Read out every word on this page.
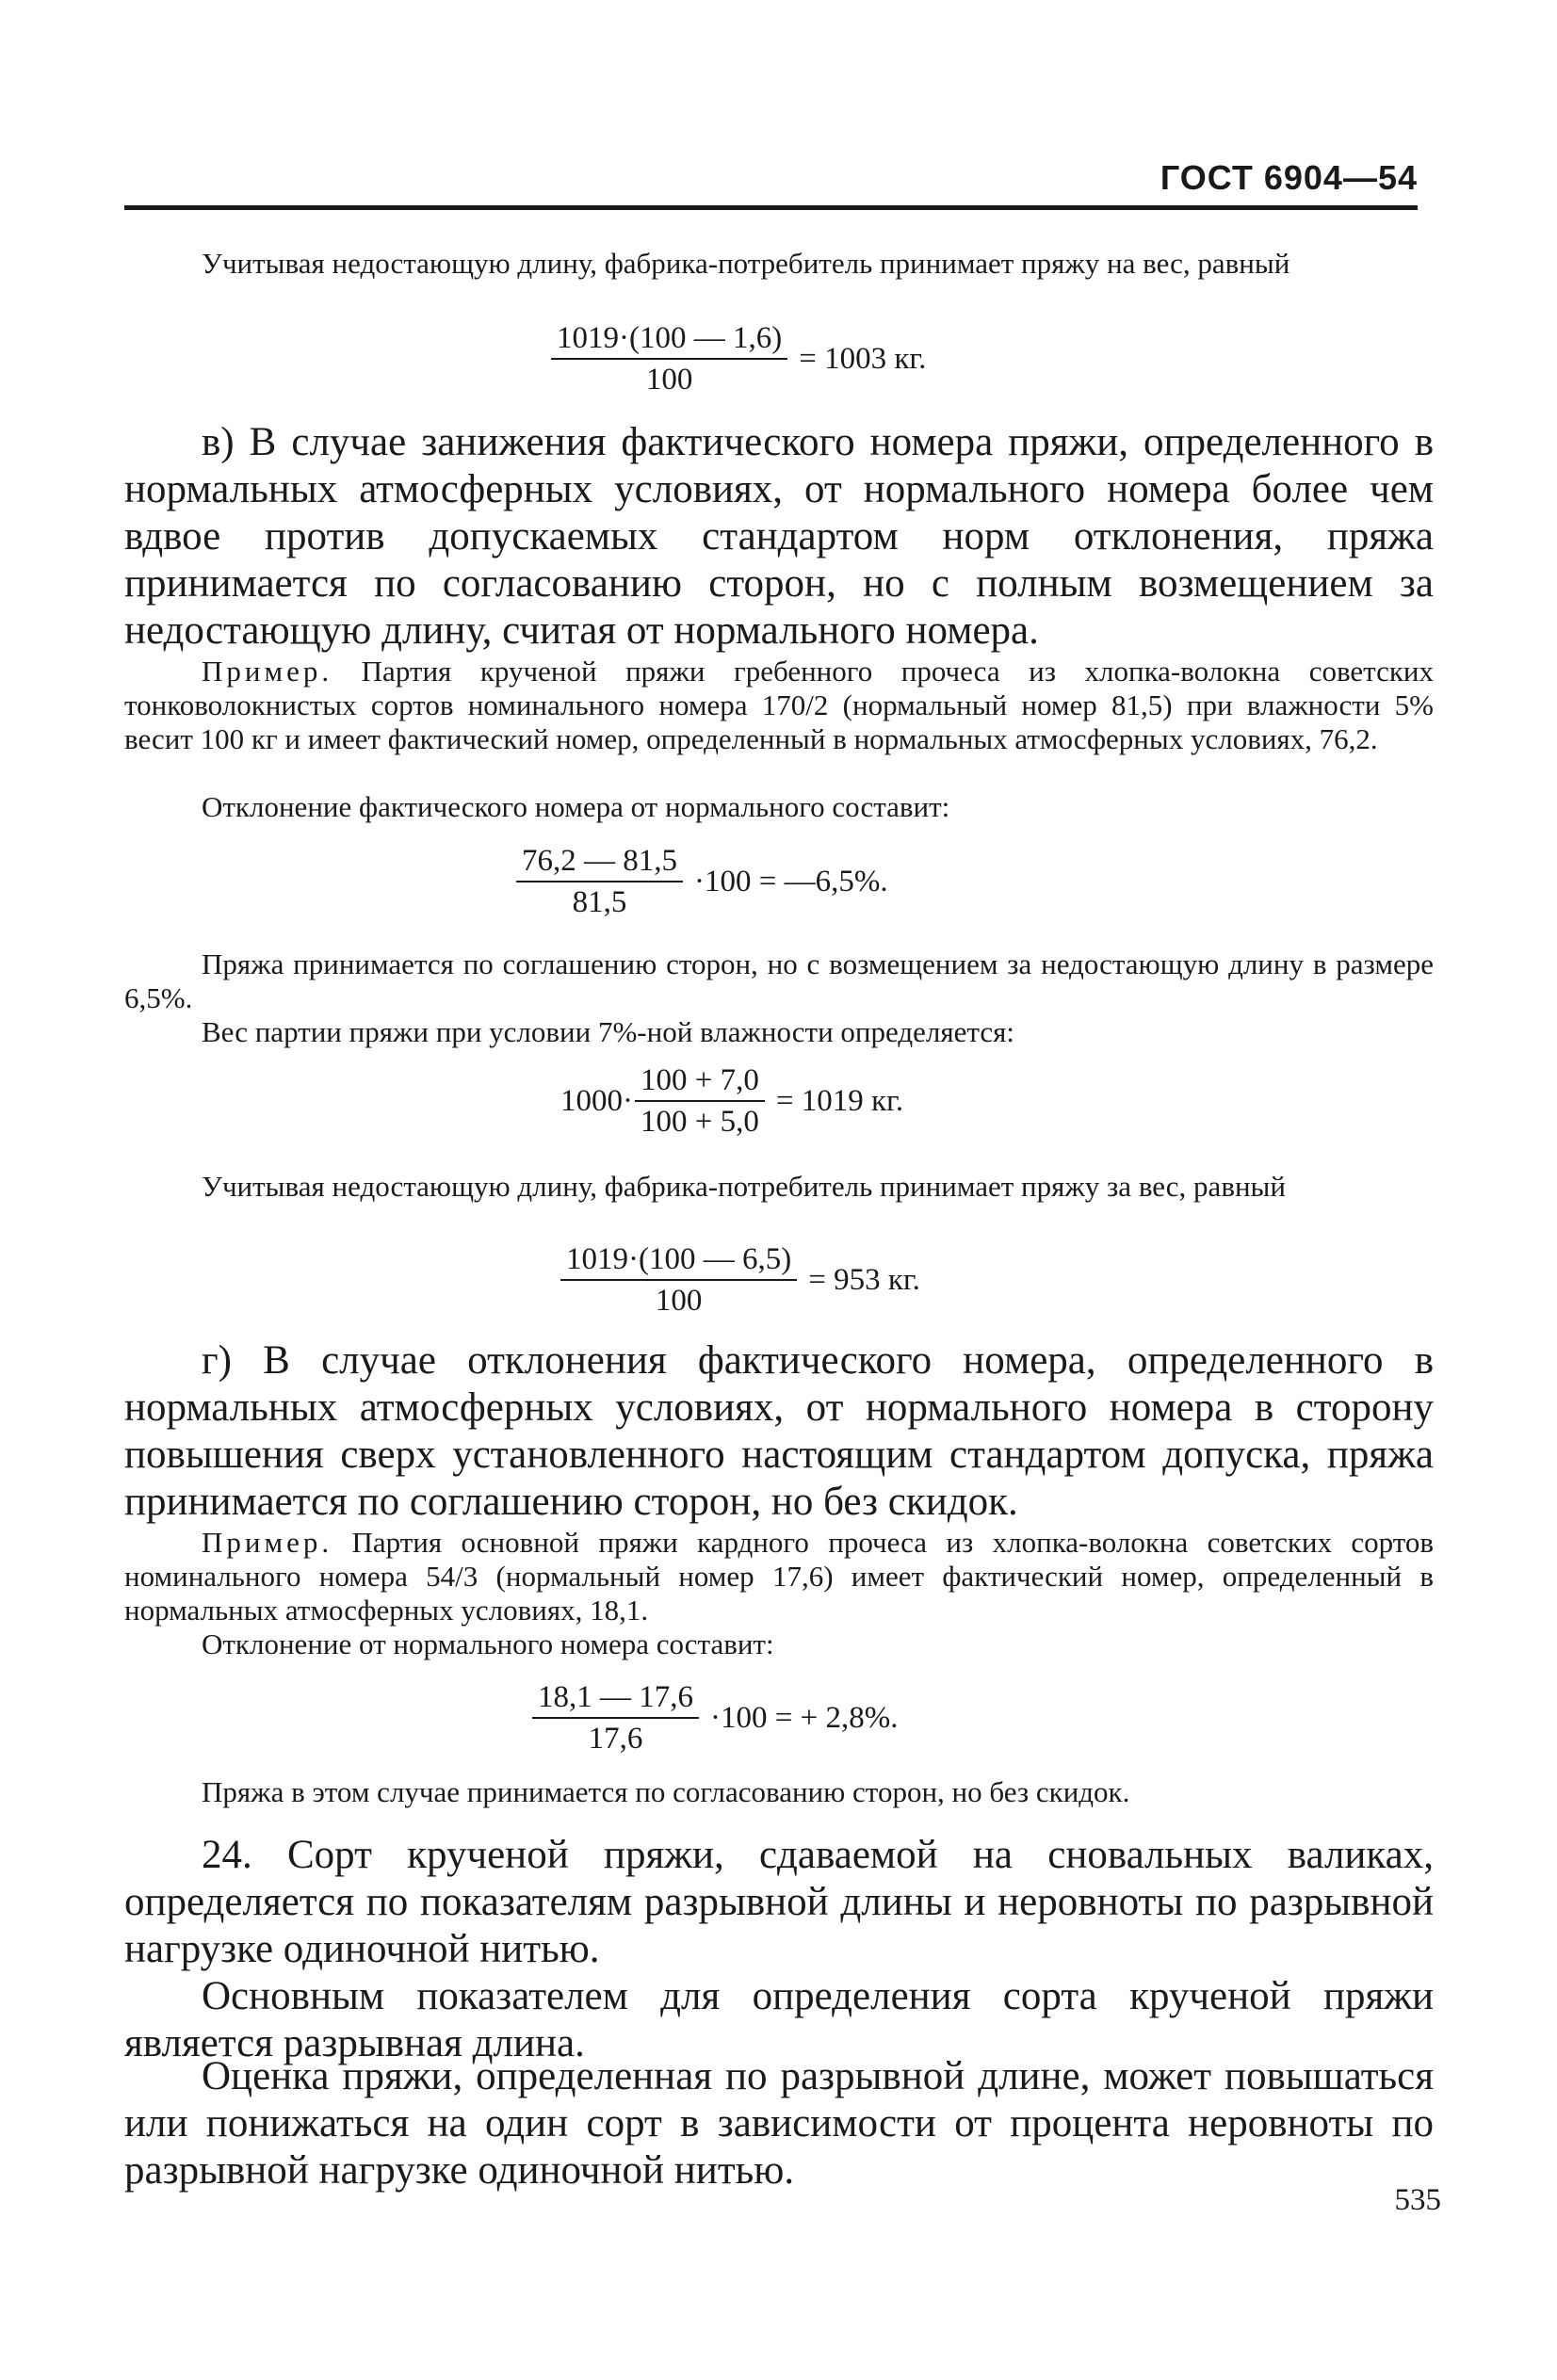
ГОСТ 6904—54

Учитывая недостающую длину, фабрика-потребитель принимает пряжу на вес, равный

$\frac{1019\cdot(100 — 1,6)}{100} = 1003$ кг.

в) В случае занижения фактического номера пряжи, определенного в нормальных атмосферных условиях, от нормального номера более чем вдвое против допускаемых стандартом норм отклонения, пряжа принимается по согласованию сторон, но с полным возмещением за недостающую длину, считая от нормального номера.

Пример. Партия крученой пряжи гребенного прочеса из хлопка-волокна советских тонковолокнистых сортов номинального номера 170/2 (нормальный номер 81,5) при влажности 5% весит 100 кг и имеет фактический номер, определенный в нормальных атмосферных условиях, 76,2.

Отклонение фактического номера от нормального составит:

$\frac{76,2 — 81,5}{81,5} \cdot 100$ = —6,5%.

Пряжа принимается по соглашению сторон, но с возмещением за недостающую длину в размере 6,5%.

Вес партии пряжи при условии 7%-ной влажности определяется:

$1000\cdot \frac{100 + 7,0}{100 + 5,0} = 1019$ кг.

Учитывая недостающую длину, фабрика-потребитель принимает пряжу за вес, равный

$\frac{1019\cdot(100 — 6,5)}{100} = 953$ кг.

г) В случае отклонения фактического номера, определенного в нормальных атмосферных условиях, от нормального номера в сторону повышения сверх установленного настоящим стандартом допуска, пряжа принимается по соглашению сторон, но без скидок.

Пример. Партия основной пряжи кардного прочеса из хлопка-волокна советских сортов номинального номера 54/3 (нормальный номер 17,6) имеет фактический номер, определенный в нормальных атмосферных условиях, 18,1.

Отклонение от нормального номера составит:

$\frac{18,1 — 17,6}{17,6} \cdot 100$ = + 2,8%.

Пряжа в этом случае принимается по согласованию сторон, но без скидок.

24. Сорт крученой пряжи, сдаваемой на сновальных валиках, определяется по показателям разрывной длины и неровноты по разрывной нагрузке одиночной нитью.

Основным показателем для определения сорта крученой пряжи является разрывная длина.

Оценка пряжи, определенная по разрывной длине, может повышаться или понижаться на один сорт в зависимости от процента неровноты по разрывной нагрузке одиночной нитью.

535
